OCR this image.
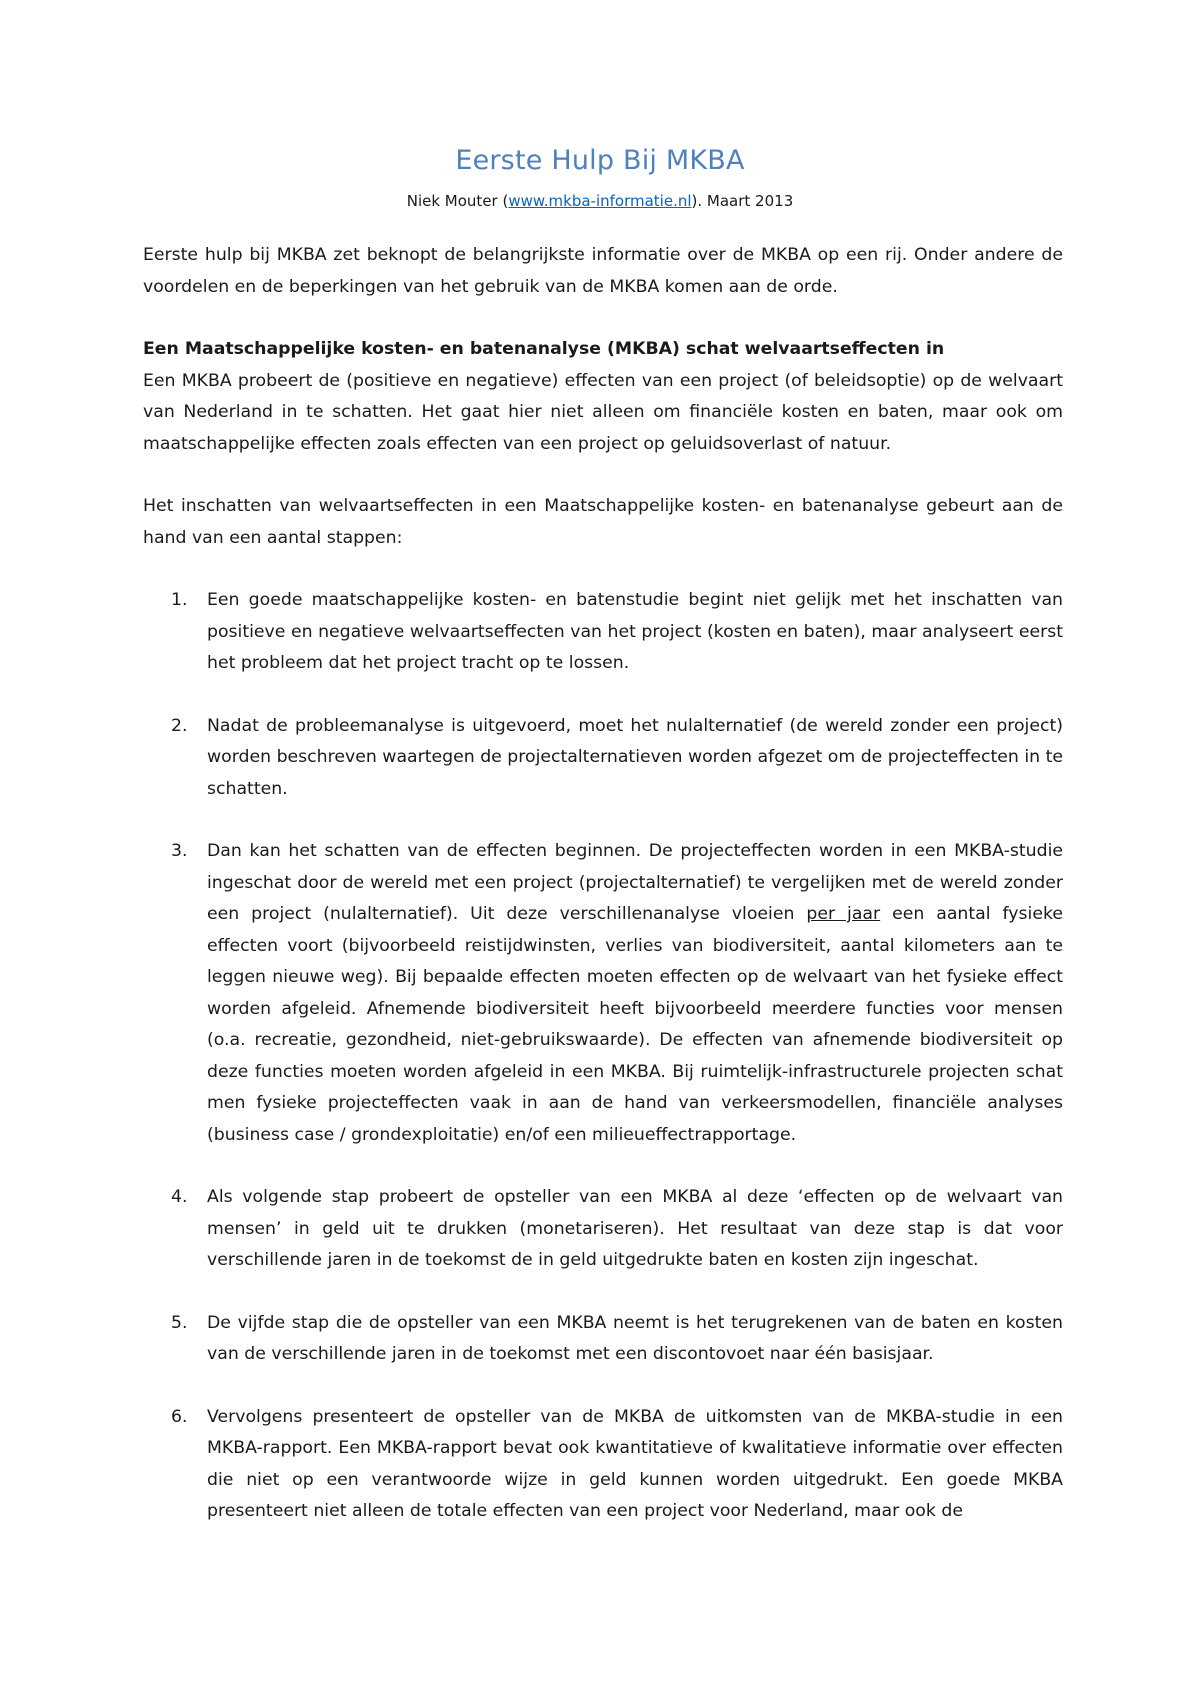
Eerste Hulp Bij MKBA
Niek Mouter (www.mkba-informatie.nl). Maart 2013

Eerste hulp bij MKBA zet beknopt de belangrijkste informatie over de MKBA op een rij. Onder andere de voordelen en de beperkingen van het gebruik van de MKBA komen aan de orde.

Een Maatschappelijke kosten- en batenanalyse (MKBA) schat welvaartseffecten in

Een MKBA probeert de (positieve en negatieve) effecten van een project (of beleidsoptie) op de welvaart van Nederland in te schatten. Het gaat hier niet alleen om financiële kosten en baten, maar ook om maatschappelijke effecten zoals effecten van een project op geluidsoverlast of natuur.

Het inschatten van welvaartseffecten in een Maatschappelijke kosten- en batenanalyse gebeurt aan de hand van een aantal stappen:

1. Een goede maatschappelijke kosten- en batenstudie begint niet gelijk met het inschatten van positieve en negatieve welvaartseffecten van het project (kosten en baten), maar analyseert eerst het probleem dat het project tracht op te lossen.
2. Nadat de probleemanalyse is uitgevoerd, moet het nulalternatief (de wereld zonder een project) worden beschreven waartegen de projectalternatieven worden afgezet om de projecteffecten in te schatten.
3. Dan kan het schatten van de effecten beginnen. De projecteffecten worden in een MKBA-studie ingeschat door de wereld met een project (projectalternatief) te vergelijken met de wereld zonder een project (nulalternatief). Uit deze verschillenanalyse vloeien per jaar een aantal fysieke effecten voort (bijvoorbeeld reistijdwinsten, verlies van biodiversiteit, aantal kilometers aan te leggen nieuwe weg). Bij bepaalde effecten moeten effecten op de welvaart van het fysieke effect worden afgeleid. Afnemende biodiversiteit heeft bijvoorbeeld meerdere functies voor mensen (o.a. recreatie, gezondheid, niet-gebruikswaarde). De effecten van afnemende biodiversiteit op deze functies moeten worden afgeleid in een MKBA. Bij ruimtelijk-infrastructurele projecten schat men fysieke projecteffecten vaak in aan de hand van verkeersmodellen, financiële analyses (business case / grondexploitatie) en/of een milieueffectrapportage.
4. Als volgende stap probeert de opsteller van een MKBA al deze ‘effecten op de welvaart van mensen’ in geld uit te drukken (monetariseren). Het resultaat van deze stap is dat voor verschillende jaren in de toekomst de in geld uitgedrukte baten en kosten zijn ingeschat.
5. De vijfde stap die de opsteller van een MKBA neemt is het terugrekenen van de baten en kosten van de verschillende jaren in de toekomst met een discontovoet naar één basisjaar.
6. Vervolgens presenteert de opsteller van de MKBA de uitkomsten van de MKBA-studie in een MKBA-rapport. Een MKBA-rapport bevat ook kwantitatieve of kwalitatieve informatie over effecten die niet op een verantwoorde wijze in geld kunnen worden uitgedrukt. Een goede MKBA presenteert niet alleen de totale effecten van een project voor Nederland, maar ook de
